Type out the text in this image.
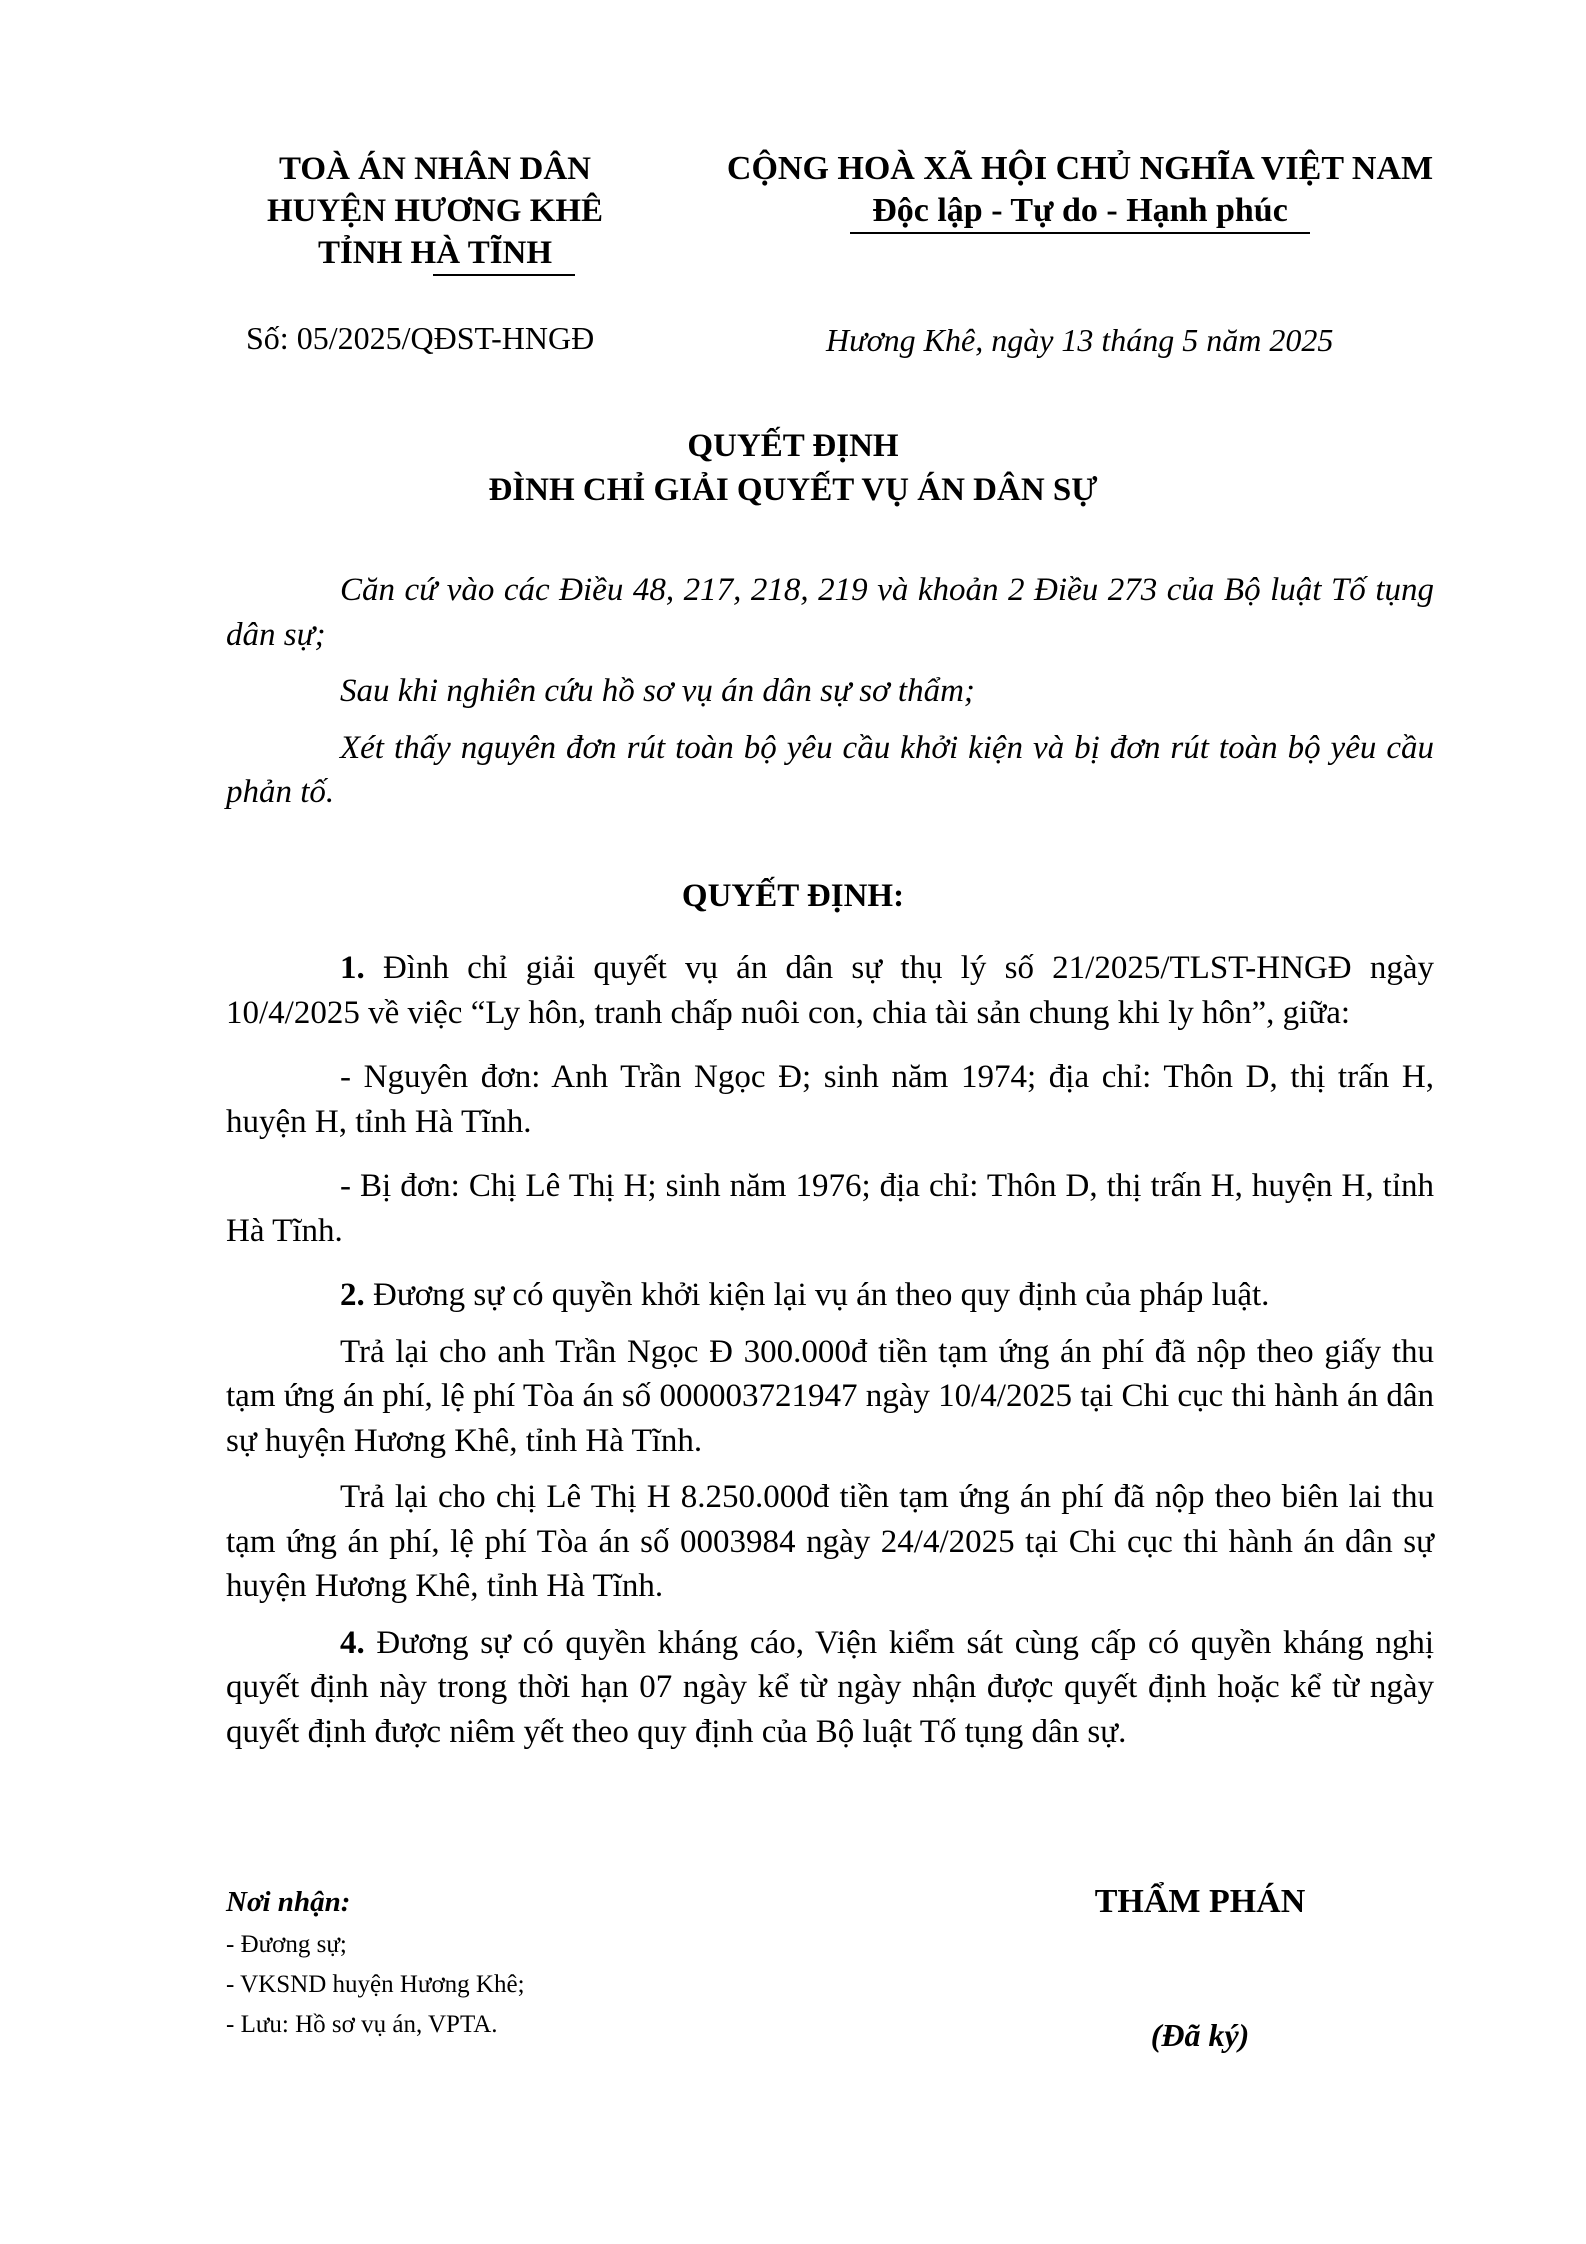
TOÀ ÁN NHÂN DÂN
HUYỆN HƯƠNG KHÊ
TỈNH HÀ TĨNH
CỘNG HOÀ XÃ HỘI CHỦ NGHĨA VIỆT NAM
Độc lập - Tự do - Hạnh phúc
Số: 05/2025/QĐST-HNGĐ	Hương Khê, ngày 13 tháng 5 năm 2025
QUYẾT ĐỊNH
ĐÌNH CHỈ GIẢI QUYẾT VỤ ÁN DÂN SỰ

Căn cứ vào các Điều 48, 217, 218, 219 và khoản 2 Điều 273 của Bộ luật Tố tụng dân sự;

Sau khi nghiên cứu hồ sơ vụ án dân sự sơ thẩm;

Xét thấy nguyên đơn rút toàn bộ yêu cầu khởi kiện và bị đơn rút toàn bộ yêu cầu phản tố.

QUYẾT ĐỊNH:

1. Đình chỉ giải quyết vụ án dân sự thụ lý số 21/2025/TLST-HNGĐ ngày 10/4/2025 về việc “Ly hôn, tranh chấp nuôi con, chia tài sản chung khi ly hôn”, giữa:

- Nguyên đơn: Anh Trần Ngọc Đ; sinh năm 1974; địa chỉ: Thôn D, thị trấn H, huyện H, tỉnh Hà Tĩnh.

- Bị đơn: Chị Lê Thị H; sinh năm 1976; địa chỉ: Thôn D, thị trấn H, huyện H, tỉnh Hà Tĩnh.

2. Đương sự có quyền khởi kiện lại vụ án theo quy định của pháp luật.

Trả lại cho anh Trần Ngọc Đ 300.000đ tiền tạm ứng án phí đã nộp theo giấy thu tạm ứng án phí, lệ phí Tòa án số 000003721947 ngày 10/4/2025 tại Chi cục thi hành án dân sự huyện Hương Khê, tỉnh Hà Tĩnh.

Trả lại cho chị Lê Thị H 8.250.000đ tiền tạm ứng án phí đã nộp theo biên lai thu tạm ứng án phí, lệ phí Tòa án số 0003984 ngày 24/4/2025 tại Chi cục thi hành án dân sự huyện Hương Khê, tỉnh Hà Tĩnh.

4. Đương sự có quyền kháng cáo, Viện kiểm sát cùng cấp có quyền kháng nghị quyết định này trong thời hạn 07 ngày kể từ ngày nhận được quyết định hoặc kể từ ngày quyết định được niêm yết theo quy định của Bộ luật Tố tụng dân sự.

Nơi nhận:
- Đương sự;
- VKSND huyện Hương Khê;
- Lưu: Hồ sơ vụ án, VPTA.
THẨM PHÁN
(Đã ký)
